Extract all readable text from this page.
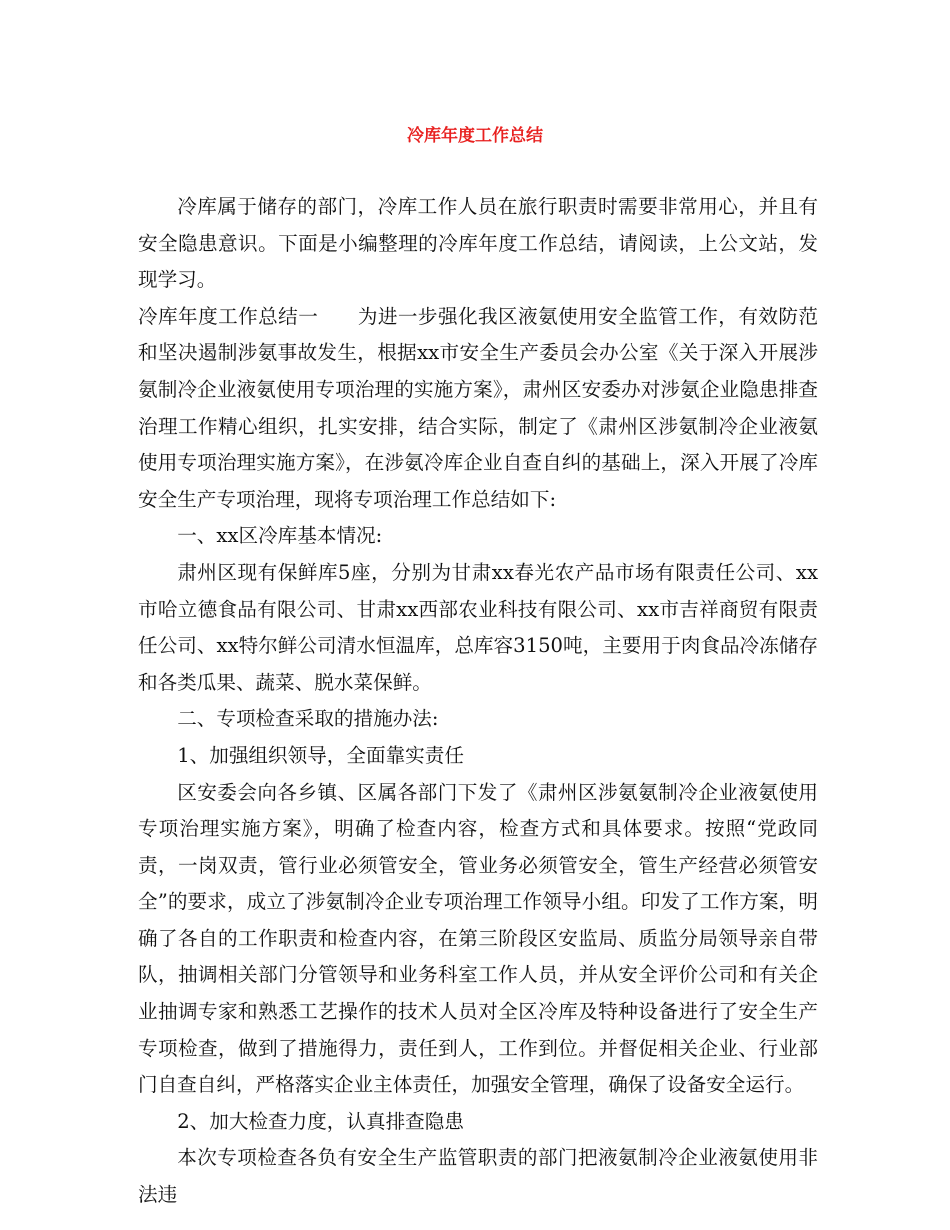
冷库年度工作总结

冷库属于储存的部门，冷库工作人员在旅行职责时需要非常用心，并且有安全隐患意识。下面是小编整理的冷库年度工作总结，请阅读，上公文站，发现学习。

冷库年度工作总结一 为进一步强化我区液氨使用安全监管工作，有效防范和坚决遏制涉氨事故发生，根据xx市安全生产委员会办公室《关于深入开展涉氨制冷企业液氨使用专项治理的实施方案》，肃州区安委办对涉氨企业隐患排查治理工作精心组织，扎实安排，结合实际，制定了《肃州区涉氨制冷企业液氨使用专项治理实施方案》，在涉氨冷库企业自查自纠的基础上，深入开展了冷库安全生产专项治理，现将专项治理工作总结如下:

一、xx区冷库基本情况:

肃州区现有保鲜库5座，分别为甘肃xx春光农产品市场有限责任公司、xx市哈立德食品有限公司、甘肃xx西部农业科技有限公司、xx市吉祥商贸有限责任公司、xx特尔鲜公司清水恒温库，总库容3150吨，主要用于肉食品冷冻储存和各类瓜果、蔬菜、脱水菜保鲜。

二、专项检查采取的措施办法:

1、加强组织领导，全面靠实责任

区安委会向各乡镇、区属各部门下发了《肃州区涉氨氨制冷企业液氨使用专项治理实施方案》，明确了检查内容，检查方式和具体要求。按照“党政同责，一岗双责，管行业必须管安全，管业务必须管安全，管生产经营必须管安全”的要求，成立了涉氨制冷企业专项治理工作领导小组。印发了工作方案，明确了各自的工作职责和检查内容，在第三阶段区安监局、质监分局领导亲自带队，抽调相关部门分管领导和业务科室工作人员，并从安全评价公司和有关企业抽调专家和熟悉工艺操作的技术人员对全区冷库及特种设备进行了安全生产专项检查，做到了措施得力，责任到人，工作到位。并督促相关企业、行业部门自查自纠，严格落实企业主体责任，加强安全管理，确保了设备安全运行。

2、加大检查力度，认真排查隐患

本次专项检查各负有安全生产监管职责的部门把液氨制冷企业液氨使用非法违
